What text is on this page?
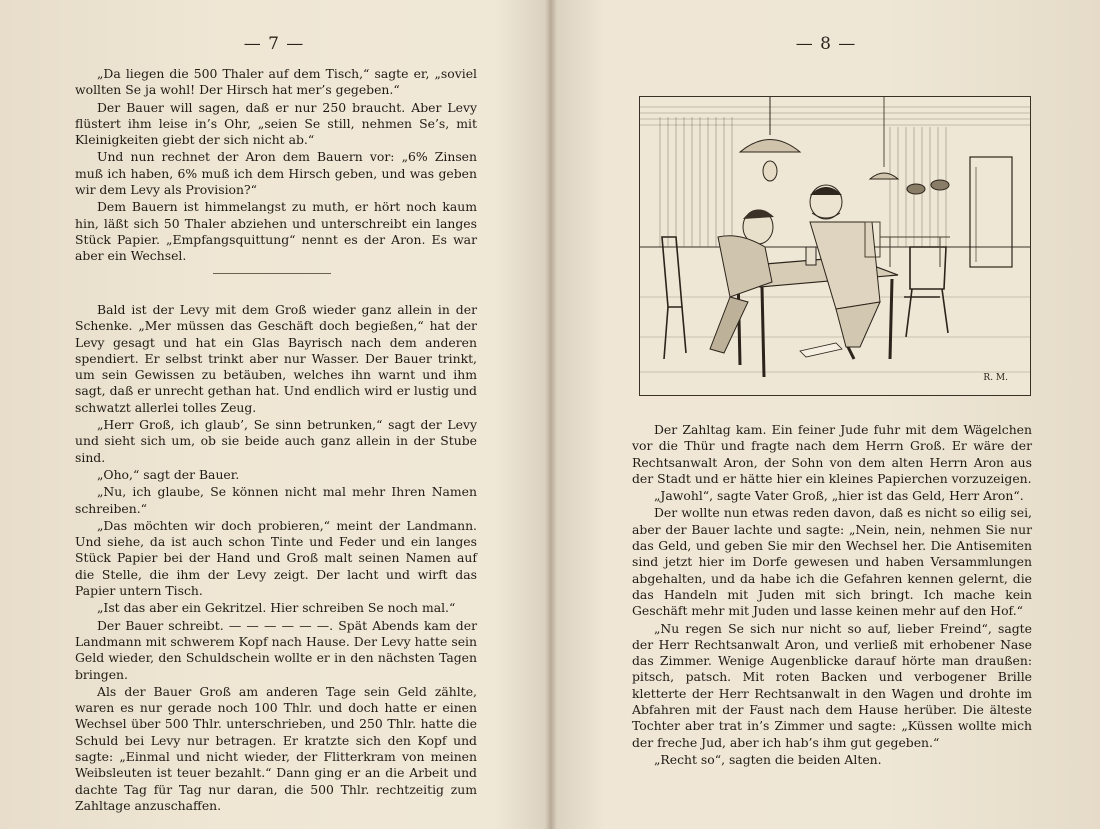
— 7 —

„Da liegen die 500 Thaler auf dem Tisch,“ sagte er, „soviel wollten Se ja wohl! Der Hirsch hat mer’s gegeben.“

Der Bauer will sagen, daß er nur 250 braucht. Aber Levy flüstert ihm leise in’s Ohr, „seien Se still, nehmen Se’s, mit Kleinigkeiten giebt der sich nicht ab.“

Und nun rechnet der Aron dem Bauern vor: „6% Zinsen muß ich haben, 6% muß ich dem Hirsch geben, und was geben wir dem Levy als Provision?“

Dem Bauern ist himmelangst zu muth, er hört noch kaum hin, läßt sich 50 Thaler abziehen und unterschreibt ein langes Stück Papier. „Empfangsquittung“ nennt es der Aron. Es war aber ein Wechsel.

Bald ist der Levy mit dem Groß wieder ganz allein in der Schenke. „Mer müssen das Geschäft doch begießen,“ hat der Levy gesagt und hat ein Glas Bayrisch nach dem anderen spendiert. Er selbst trinkt aber nur Wasser. Der Bauer trinkt, um sein Gewissen zu betäuben, welches ihn warnt und ihm sagt, daß er unrecht gethan hat. Und endlich wird er lustig und schwatzt allerlei tolles Zeug.

„Herr Groß, ich glaub’, Se sinn betrunken,“ sagt der Levy und sieht sich um, ob sie beide auch ganz allein in der Stube sind.

„Oho,“ sagt der Bauer.

„Nu, ich glaube, Se können nicht mal mehr Ihren Namen schreiben.“

„Das möchten wir doch probieren,“ meint der Landmann. Und siehe, da ist auch schon Tinte und Feder und ein langes Stück Papier bei der Hand und Groß malt seinen Namen auf die Stelle, die ihm der Levy zeigt. Der lacht und wirft das Papier untern Tisch.

„Ist das aber ein Gekritzel. Hier schreiben Se noch mal.“

Der Bauer schreibt. — — — — — —. Spät Abends kam der Landmann mit schwerem Kopf nach Hause. Der Levy hatte sein Geld wieder, den Schuldschein wollte er in den nächsten Tagen bringen.

Als der Bauer Groß am anderen Tage sein Geld zählte, waren es nur gerade noch 100 Thlr. und doch hatte er einen Wechsel über 500 Thlr. unterschrieben, und 250 Thlr. hatte die Schuld bei Levy nur betragen. Er kratzte sich den Kopf und sagte: „Einmal und nicht wieder, der Flitterkram von meinen Weibsleuten ist teuer bezahlt.“ Dann ging er an die Arbeit und dachte Tag für Tag nur daran, die 500 Thlr. rechtzeitig zum Zahltage anzuschaffen.

— 8 —
R. M.

Der Zahltag kam. Ein feiner Jude fuhr mit dem Wägelchen vor die Thür und fragte nach dem Herrn Groß. Er wäre der Rechtsanwalt Aron, der Sohn von dem alten Herrn Aron aus der Stadt und er hätte hier ein kleines Papierchen vorzuzeigen.

„Jawohl“, sagte Vater Groß, „hier ist das Geld, Herr Aron“.

Der wollte nun etwas reden davon, daß es nicht so eilig sei, aber der Bauer lachte und sagte: „Nein, nein, nehmen Sie nur das Geld, und geben Sie mir den Wechsel her. Die Antisemiten sind jetzt hier im Dorfe gewesen und haben Versammlungen abgehalten, und da habe ich die Gefahren kennen gelernt, die das Handeln mit Juden mit sich bringt. Ich mache kein Geschäft mehr mit Juden und lasse keinen mehr auf den Hof.“

„Nu regen Se sich nur nicht so auf, lieber Freind“, sagte der Herr Rechtsanwalt Aron, und verließ mit erhobener Nase das Zimmer. Wenige Augenblicke darauf hörte man draußen: pitsch, patsch. Mit roten Backen und verbogener Brille kletterte der Herr Rechtsanwalt in den Wagen und drohte im Abfahren mit der Faust nach dem Hause herüber. Die älteste Tochter aber trat in’s Zimmer und sagte: „Küssen wollte mich der freche Jud, aber ich hab’s ihm gut gegeben.“

„Recht so“, sagten die beiden Alten.
